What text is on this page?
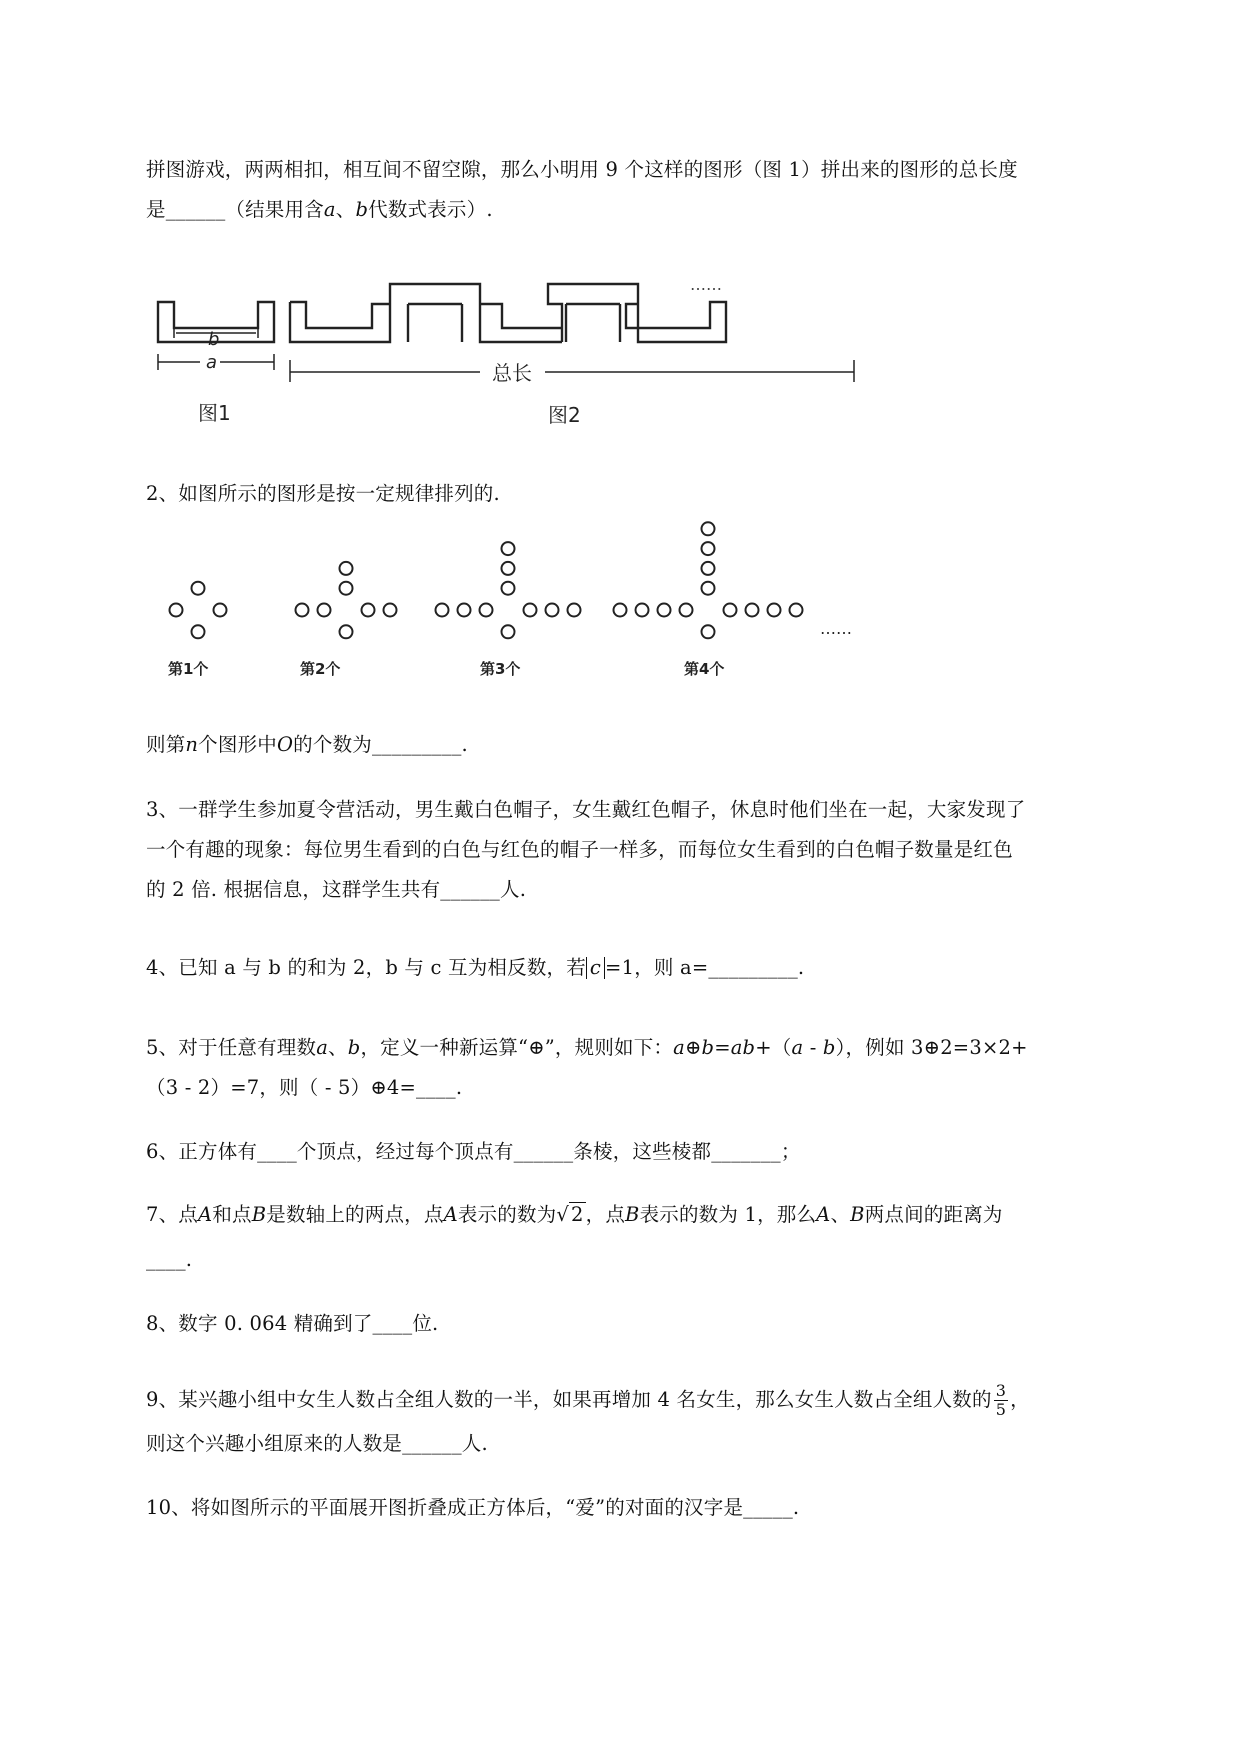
拼图游戏，两两相扣，相互间不留空隙，那么小明用 9 个这样的图形（图 1）拼出来的图形的总长度
是______（结果用含a、b代数式表示）.
b
a
图1
……
总长
图2
2、如图所示的图形是按一定规律排列的.
第1个	第2个	第3个	第4个
……
则第n个图形中O的个数为_________.
3、一群学生参加夏令营活动，男生戴白色帽子，女生戴红色帽子，休息时他们坐在一起，大家发现了
一个有趣的现象：每位男生看到的白色与红色的帽子一样多，而每位女生看到的白色帽子数量是红色
的 2 倍. 根据信息，这群学生共有______人.
4、已知 a 与 b 的和为 2，b 与 c 互为相反数，若 c =1，则 a=_________.
5、对于任意有理数a、b，定义一种新运算“⊕”，规则如下：a⊕b=ab+（a - b），例如 3⊕2=3×2+
（3 - 2）=7，则（ - 5）⊕4=____.
6、正方体有____个顶点，经过每个顶点有______条棱，这些棱都_______；
7、点A和点B是数轴上的两点，点A表示的数为√ 2 ，点B表示的数为 1，那么A、B两点间的距离为
____.
8、数字 0. 064 精确到了____位.
9、某兴趣小组中女生人数占全组人数的一半，如果再增加 4 名女生，那么女生人数占全组人数的 $\frac{3}{5}$ ，
则这个兴趣小组原来的人数是______人.
10、将如图所示的平面展开图折叠成正方体后，“爱”的对面的汉字是_____.
